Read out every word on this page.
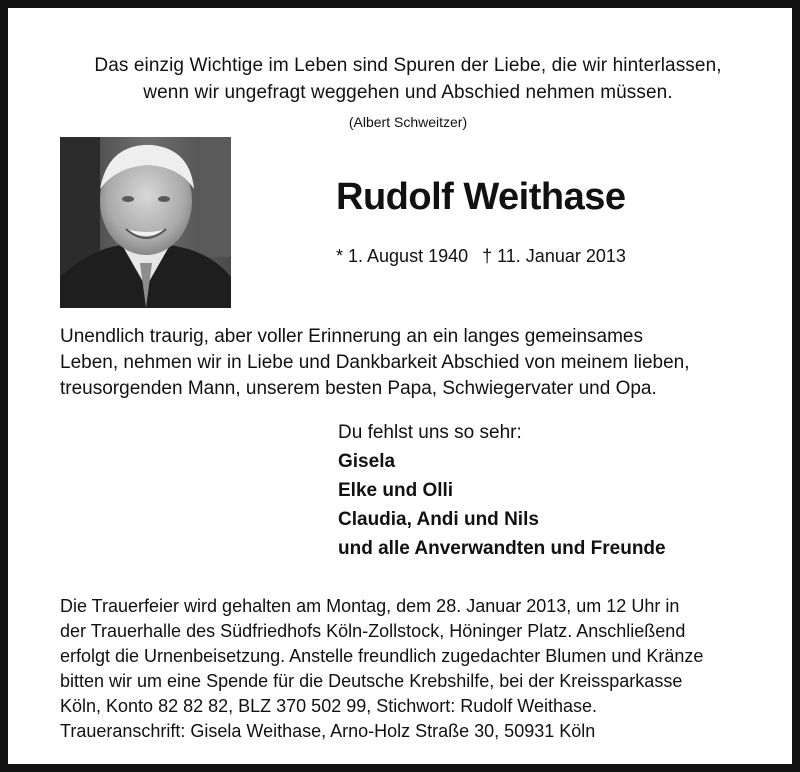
Das einzig Wichtige im Leben sind Spuren der Liebe, die wir hinterlassen,
wenn wir ungefragt weggehen und Abschied nehmen müssen.
(Albert Schweitzer)
Rudolf Weithase
* 1. August 1940 † 11. Januar 2013
Unendlich traurig, aber voller Erinnerung an ein langes gemeinsames
Leben, nehmen wir in Liebe und Dankbarkeit Abschied von meinem lieben,
treusorgenden Mann, unserem besten Papa, Schwiegervater und Opa.
Du fehlst uns so sehr:
Gisela
Elke und Olli
Claudia, Andi und Nils
und alle Anverwandten und Freunde
Die Trauerfeier wird gehalten am Montag, dem 28. Januar 2013, um 12 Uhr in
der Trauerhalle des Südfriedhofs Köln-Zollstock, Höninger Platz. Anschließend
erfolgt die Urnenbeisetzung. Anstelle freundlich zugedachter Blumen und Kränze
bitten wir um eine Spende für die Deutsche Krebshilfe, bei der Kreissparkasse
Köln, Konto 82 82 82, BLZ 370 502 99, Stichwort: Rudolf Weithase.
Traueranschrift: Gisela Weithase, Arno-Holz Straße 30, 50931 Köln
